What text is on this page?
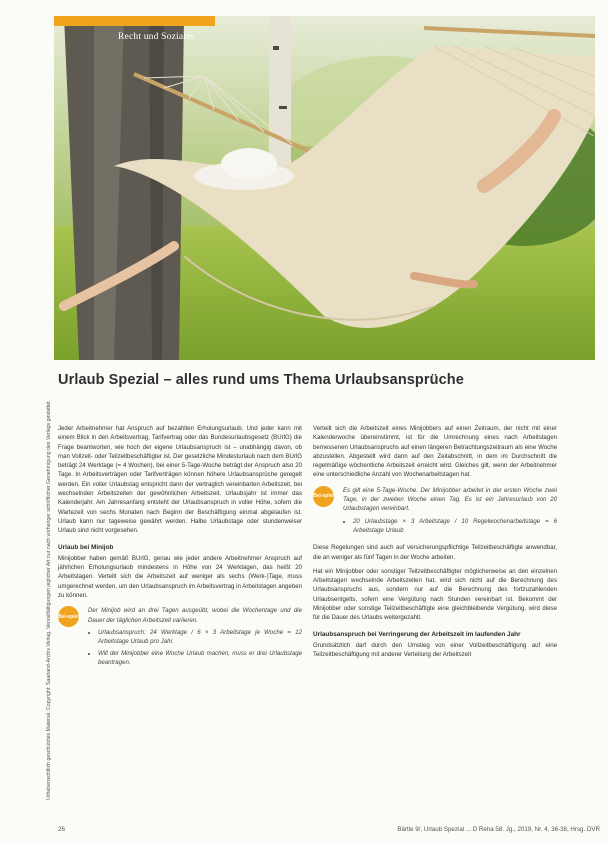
Recht und Soziales
Urheberrechtlich geschütztes Material. Copyright: Saarland-Archiv Verlag. Vervielfältigungen jeglicher Art nur nach vorheriger schriftlicher Genehmigung des Verlags gestattet.
Urlaub Spezial – alles rund ums Thema Urlaubsansprüche

Jeder Arbeitnehmer hat Anspruch auf bezahlten Erholungsurlaub. Und jeder kann mit einem Blick in den Arbeitsvertrag, Tarifvertrag oder das Bundesurlaubsgesetz (BUrlG) die Frage beantworten, wie hoch der eigene Urlaubsanspruch ist – unabhängig davon, ob man Vollzeit- oder Teilzeitbeschäftigter ist. Der gesetzliche Mindesturlaub nach dem BUrlG beträgt 24 Werktage (= 4 Wochen), bei einer 5-Tage-Woche beträgt der Anspruch also 20 Tage. In Arbeitsverträgen oder Tarifverträgen können höhere Urlaubsansprüche geregelt werden. Ein voller Urlaubstag entspricht dann der vertraglich vereinbarten Arbeitszeit, bei wechselnden Arbeitszeiten der gewöhnlichen Arbeitszeit. Urlaubsjahr ist immer das Kalenderjahr. Am Jahresanfang entsteht der Urlaubsanspruch in voller Höhe, sofern die Wartezeit von sechs Monaten nach Beginn der Beschäftigung einmal abgelaufen ist. Urlaub kann nur tageweise gewährt werden. Halbe Urlaubstage oder stundenweiser Urlaub sind nicht vorgesehen.

Urlaub bei Minijob

Minijobber haben gemäß BUrlG, genau wie jeder andere Arbeitnehmer Anspruch auf jährlichen Erholungsurlaub mindestens in Höhe von 24 Werktagen, das heißt 20 Arbeitstagen. Verteilt sich die Arbeitszeit auf weniger als sechs (Werk-)Tage, muss umgerechnet werden, um den Urlaubsanspruch im Arbeitsvertrag in Arbeitstagen angeben zu können.

Bei-spiel
Der Minijob wird an drei Tagen ausgeübt, wobei die Wochentage und die Dauer der täglichen Arbeitszeit variieren.
• Urlaubsanspruch: 24 Werktage / 6 × 3 Arbeitstage je Woche = 12 Arbeitstage Urlaub pro Jahr.
• Will der Minijobber eine Woche Urlaub machen, muss er drei Urlaubstage beantragen.

Verteilt sich die Arbeitszeit eines Minijobbers auf einen Zeitraum, der nicht mit einer Kalenderwoche übereinstimmt, ist für die Umrechnung eines nach Arbeitstagen bemessenen Urlaubsanspruchs auf einen längeren Betrachtungszeitraum als eine Woche abzustellen. Abgestellt wird dann auf den Zeitabschnitt, in dem im Durchschnitt die regelmäßige wöchentliche Arbeitszeit erreicht wird. Gleiches gilt, wenn der Arbeitnehmer eine unterschiedliche Anzahl von Wochenarbeitstagen hat.

Bei-spiel
Es gilt eine 5-Tage-Woche. Der Minijobber arbeitet in der ersten Woche zwei Tage, in der zweiten Woche einen Tag. Es ist ein Jahresurlaub von 20 Urlaubstagen vereinbart.
• 20 Urlaubstage × 3 Arbeitstage / 10 Regelwochenarbeitstage = 6 Arbeitstage Urlaub

Diese Regelungen sind auch auf versicherungspflichtige Teilzeitbeschäftigte anwendbar, die an weniger als fünf Tagen in der Woche arbeiten.

Hat ein Minijobber oder sonstiger Teilzeitbeschäftigter möglicherweise an den einzelnen Arbeitstagen wechselnde Arbeitszeiten hat, wird sich nicht auf die Berechnung des Urlaubsanspruchs aus, sondern nur auf die Berechnung des fortzuzahlenden Urlaubsentgelts, sofern eine Vergütung nach Stunden vereinbart ist. Bekommt der Minijobber oder sonstige Teilzeitbeschäftigte eine gleichbleibende Vergütung, wird diese für die Dauer des Urlaubs weitergezahlt.

Urlaubsanspruch bei Verringerung der Arbeitszeit im laufenden Jahr

Grundsätzlich darf durch den Umstieg von einer Vollzeitbeschäftigung auf eine Teilzeitbeschäftigung mit anderer Verteilung der Arbeitszeit

26	Bärtle 9/, Urlaub Spezial ... D Reha 58. Jg., 2019, Nr. 4, 36-38, Hrsg. DVR
